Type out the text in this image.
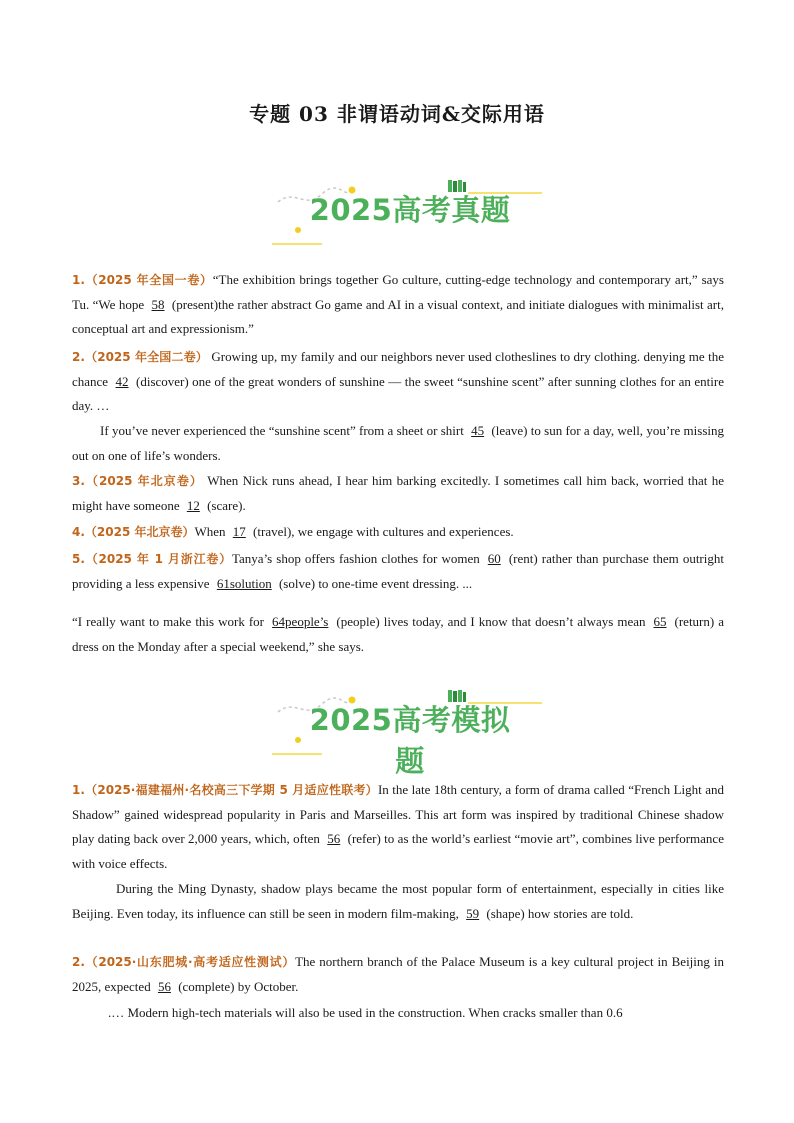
专题 03 非谓语动词&交际用语
2025高考真题
1.（2025 年全国一卷）“The exhibition brings together Go culture, cutting-edge technology and contemporary art,” says Tu. “We hope 58 (present)the rather abstract Go game and AI in a visual context, and initiate dialogues with minimalist art, conceptual art and expressionism.”
2.（2025 年全国二卷） Growing up, my family and our neighbors never used clotheslines to dry clothing. denying me the chance 42 (discover) one of the great wonders of sunshine — the sweet “sunshine scent” after sunning clothes for an entire day. …
If you’ve never experienced the “sunshine scent” from a sheet or shirt 45 (leave) to sun for a day, well, you’re missing out on one of life’s wonders.
3.（2025 年北京卷） When Nick runs ahead, I hear him barking excitedly. I sometimes call him back, worried that he might have someone 12 (scare).
4.（2025 年北京卷）When 17 (travel), we engage with cultures and experiences.
5.（2025 年 1 月浙江卷）Tanya’s shop offers fashion clothes for women 60 (rent) rather than purchase them outright providing a less expensive 61solution (solve) to one-time event dressing. ...
“I really want to make this work for 64people’s (people) lives today, and I know that doesn’t always mean 65 (return) a dress on the Monday after a special weekend,” she says.
2025高考模拟题
1.（2025·福建福州·名校高三下学期 5 月适应性联考）In the late 18th century, a form of drama called “French Light and Shadow” gained widespread popularity in Paris and Marseilles. This art form was inspired by traditional Chinese shadow play dating back over 2,000 years, which, often 56 (refer) to as the world’s earliest “movie art”, combines live performance with voice effects.
During the Ming Dynasty, shadow plays became the most popular form of entertainment, especially in cities like Beijing. Even today, its influence can still be seen in modern film-making, 59 (shape) how stories are told.
2.（2025·山东肥城·高考适应性测试）The northern branch of the Palace Museum is a key cultural project in Beijing in 2025, expected 56 (complete) by October.
.… Modern high-tech materials will also be used in the construction. When cracks smaller than 0.6
